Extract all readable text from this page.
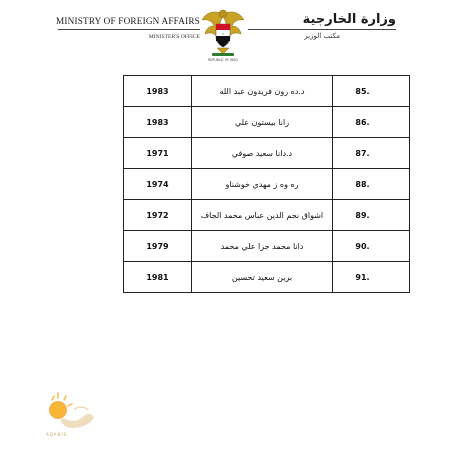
MINISTRY OF FOREIGN AFFAIRS
MINISTER'S OFFICE	✦
REPUBLIC OF IRAQ
وزارة الخارجية
مكتب الوزير
1983	د.ده رون فريدون عبد الله	85.
1983	زانا بيستون علي	86.
1971	د.دانا سعيد صوفي	87.
1974	ره وه ز مهدي خوشناو	88.
1972	اشواق نجم الدين عباس محمد الجاف	89.
1979	دانا محمد جزا علي محمد	90.
1981	برين سعيد تحسين	91.
ADANIS
